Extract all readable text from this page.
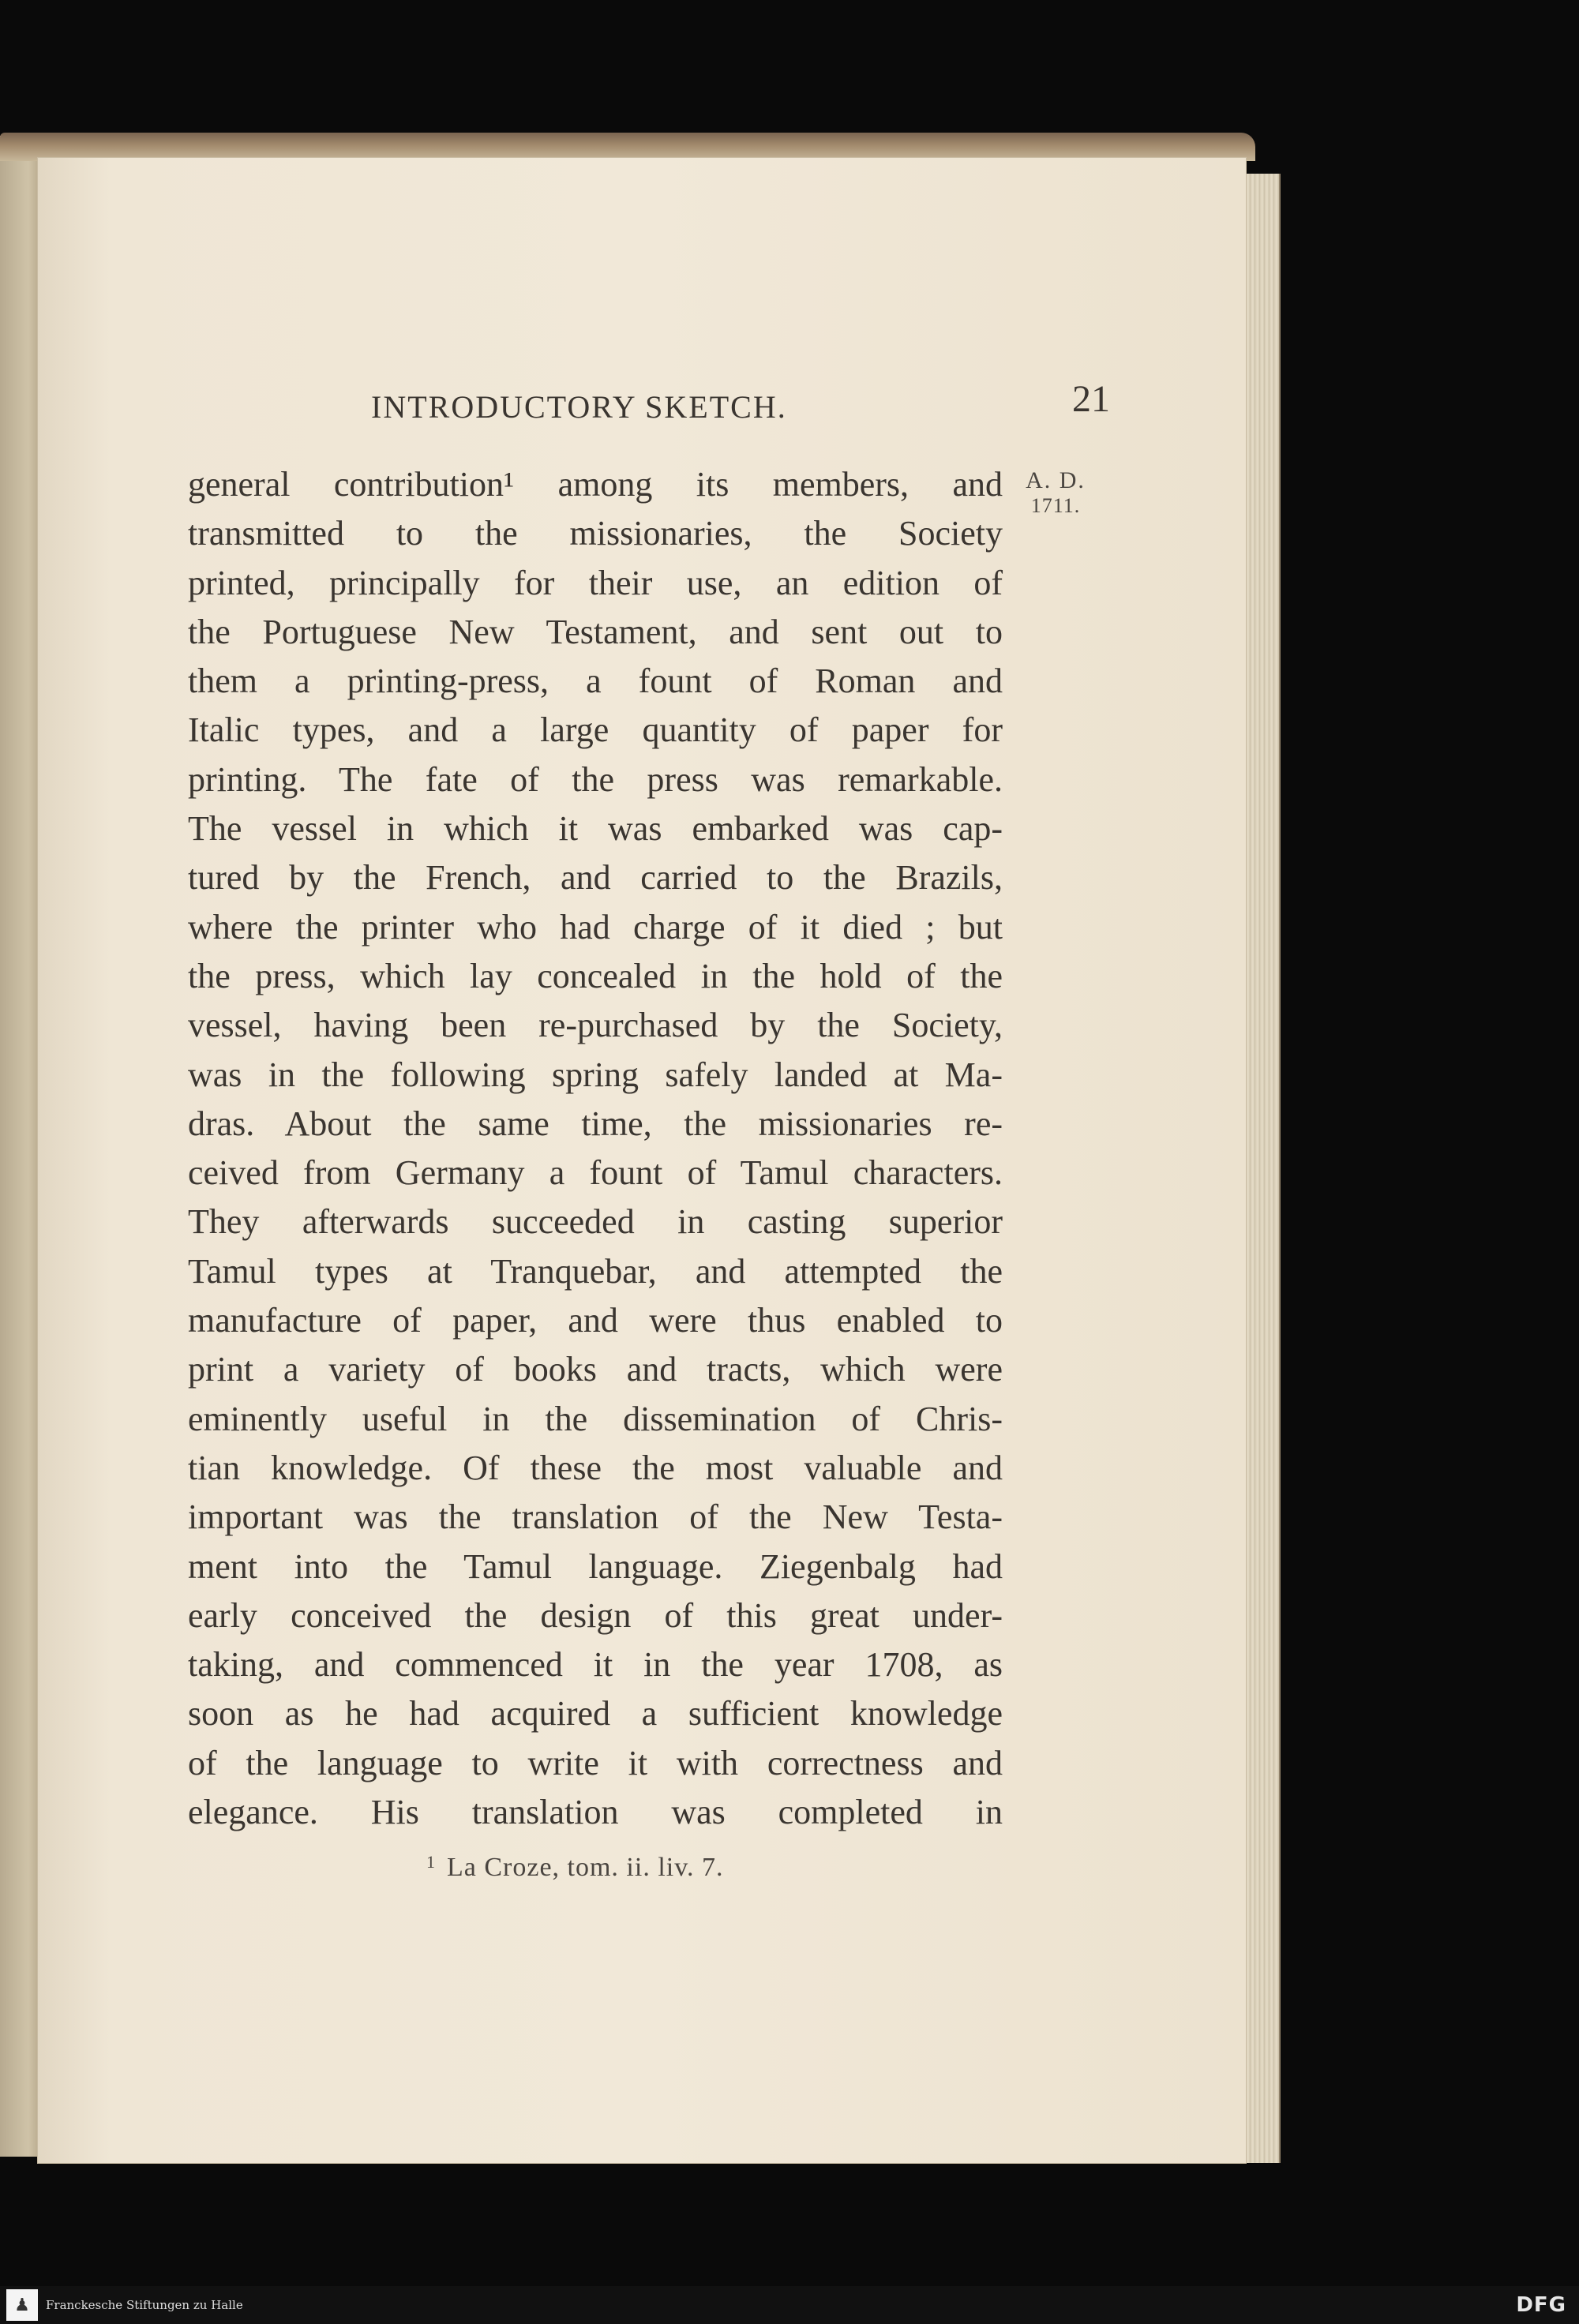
INTRODUCTORY SKETCH.	21
A. D.
1711.
general contribution¹ among its members, and
transmitted to the missionaries, the Society
printed, principally for their use, an edition of
the Portuguese New Testament, and sent out to
them a printing-press, a fount of Roman and
Italic types, and a large quantity of paper for
printing. The fate of the press was remarkable.
The vessel in which it was embarked was cap-
tured by the French, and carried to the Brazils,
where the printer who had charge of it died ; but
the press, which lay concealed in the hold of the
vessel, having been re-purchased by the Society,
was in the following spring safely landed at Ma-
dras. About the same time, the missionaries re-
ceived from Germany a fount of Tamul characters.
They afterwards succeeded in casting superior
Tamul types at Tranquebar, and attempted the
manufacture of paper, and were thus enabled to
print a variety of books and tracts, which were
eminently useful in the dissemination of Chris-
tian knowledge. Of these the most valuable and
important was the translation of the New Testa-
ment into the Tamul language. Ziegenbalg had
early conceived the design of this great under-
taking, and commenced it in the year 1708, as
soon as he had acquired a sufficient knowledge
of the language to write it with correctness and
elegance. His translation was completed in
$^1$ La Croze, tom. ii. liv. 7.
♟	Franckesche Stiftungen zu Halle	DFG
